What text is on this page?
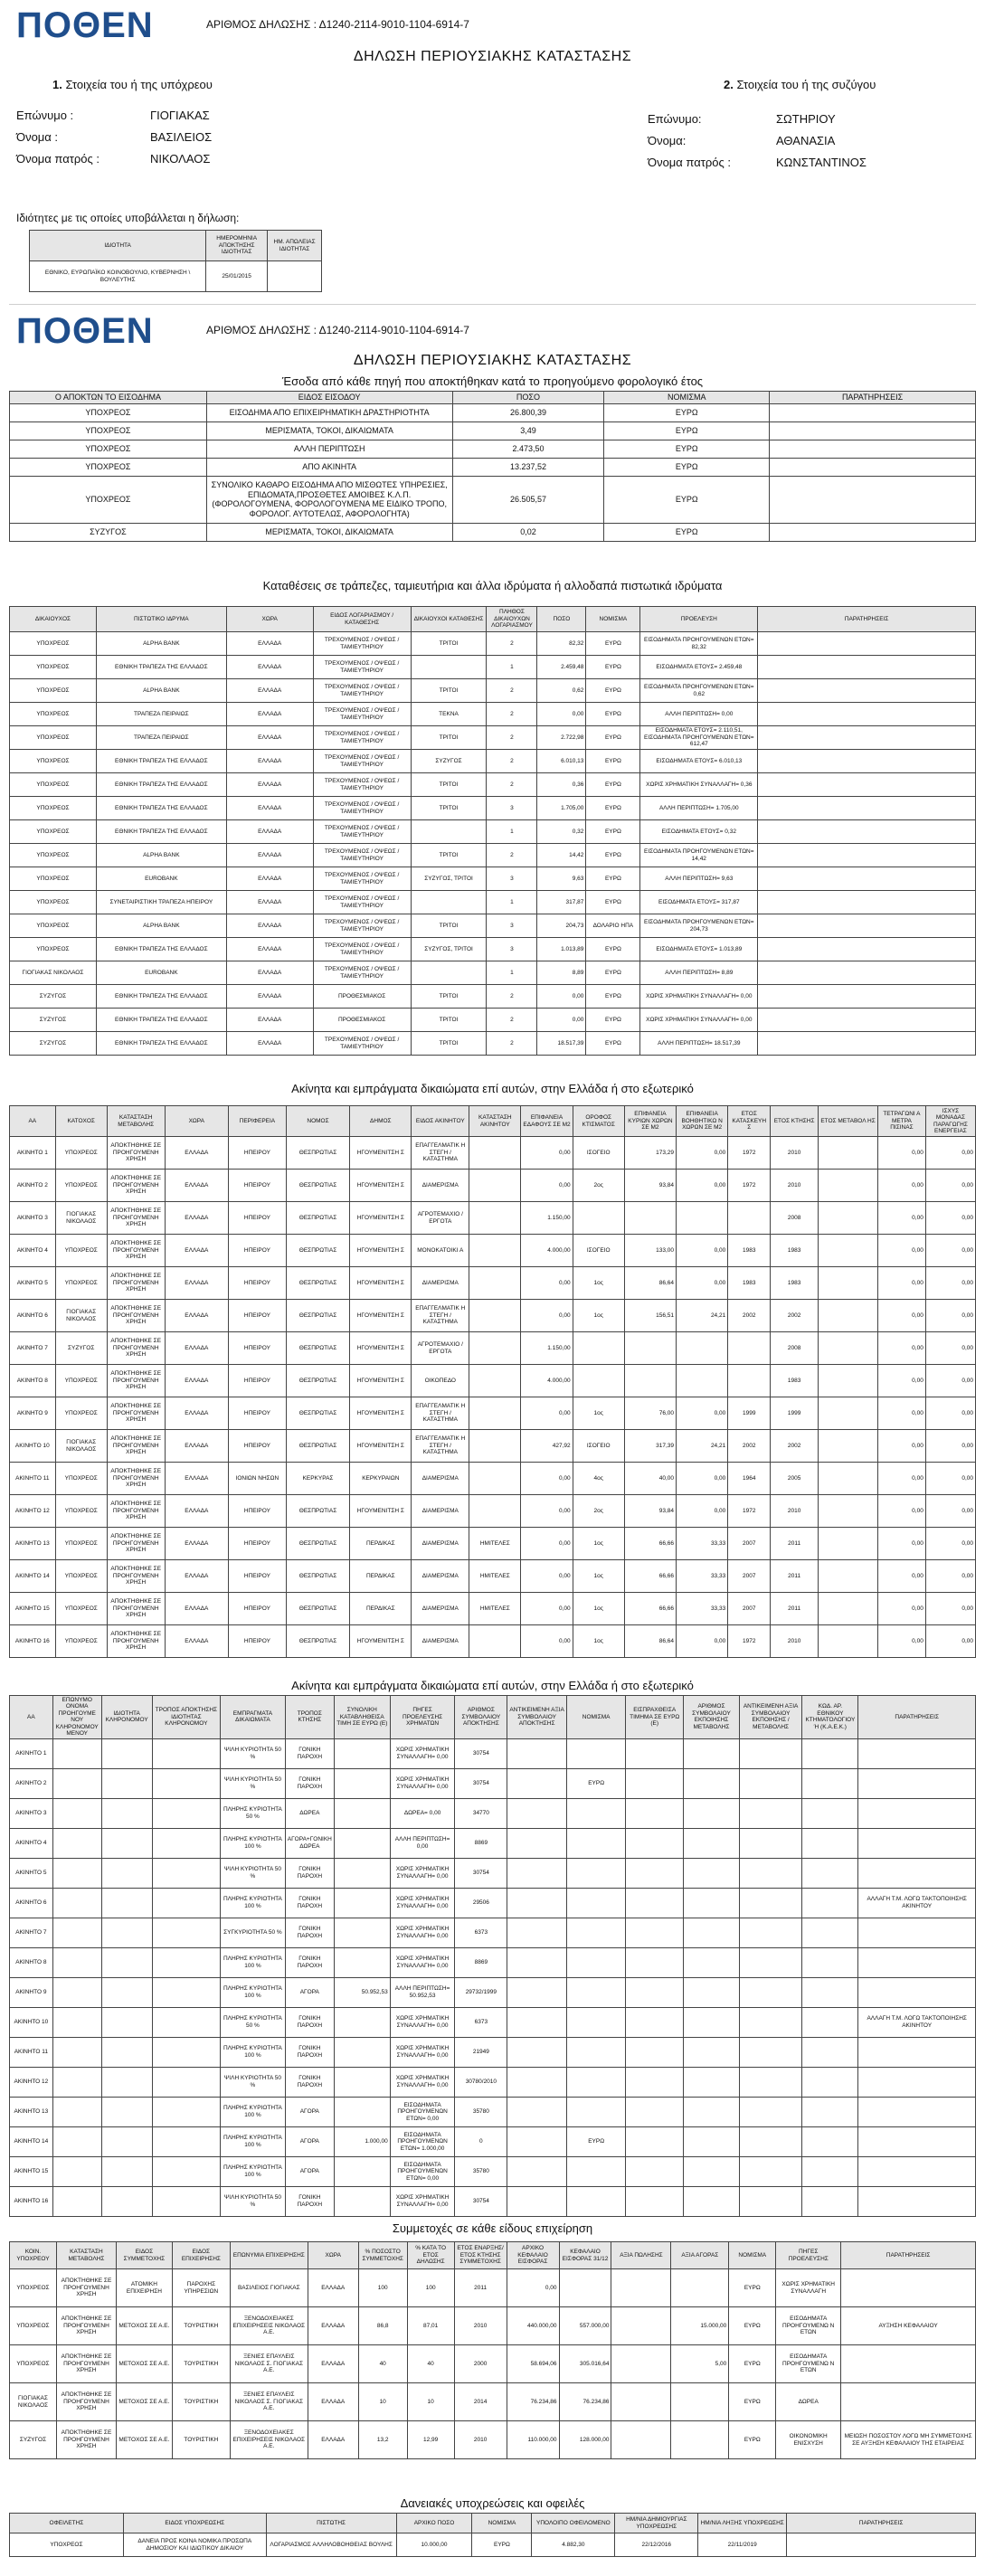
ΠΟΘΕΝ	ΑΡΙΘΜΟΣ ΔΗΛΩΣΗΣ : Δ1240-2114-9010-1104-6914-7
ΔΗΛΩΣΗ ΠΕΡΙΟΥΣΙΑΚΗΣ ΚΑΤΑΣΤΑΣΗΣ
1. Στοιχεία του ή της υπόχρεου	2. Στοιχεία του ή της συζύγου
Επώνυμο :	ΓΙΟΓΙΑΚΑΣ
Όνομα :	ΒΑΣΙΛΕΙΟΣ
Όνομα πατρός :	ΝΙΚΟΛΑΟΣ
Επώνυμο:	ΣΩΤΗΡΙΟΥ
Όνομα:	ΑΘΑΝΑΣΙΑ
Όνομα πατρός :	ΚΩΝΣΤΑΝΤΙΝΟΣ
Ιδιότητες με τις οποίες υποβάλλεται η δήλωση:
ΙΔΙΟΤΗΤΑ	ΗΜΕΡΟΜΗΝΙΑ ΑΠΟΚΤΗΣΗΣ ΙΔΙΟΤΗΤΑΣ	ΗΜ. ΑΠΩΛΕΙΑΣ ΙΔΙΟΤΗΤΑΣ
ΕΘΝΙΚΟ, ΕΥΡΩΠΑΪΚΟ ΚΟΙΝΟΒΟΥΛΙΟ, ΚΥΒΕΡΝΗΣΗ \ ΒΟΥΛΕΥΤΗΣ	25/01/2015	
ΠΟΘΕΝ	ΑΡΙΘΜΟΣ ΔΗΛΩΣΗΣ : Δ1240-2114-9010-1104-6914-7
ΔΗΛΩΣΗ ΠΕΡΙΟΥΣΙΑΚΗΣ ΚΑΤΑΣΤΑΣΗΣ
Έσοδα από κάθε πηγή που αποκτήθηκαν κατά το προηγούμενο φορολογικό έτος
Ο ΑΠΟΚΤΩΝ ΤΟ ΕΙΣΟΔΗΜΑ	ΕΙΔΟΣ ΕΙΣΟΔΟΥ	ΠΟΣΟ	ΝΟΜΙΣΜΑ	ΠΑΡΑΤΗΡΗΣΕΙΣ
ΥΠΟΧΡΕΟΣ	ΕΙΣΟΔΗΜΑ ΑΠΟ ΕΠΙΧΕΙΡΗΜΑΤΙΚΗ ΔΡΑΣΤΗΡΙΟΤΗΤΑ	26.800,39	ΕΥΡΩ	
ΥΠΟΧΡΕΟΣ	ΜΕΡΙΣΜΑΤΑ, ΤΟΚΟΙ, ΔΙΚΑΙΩΜΑΤΑ	3,49	ΕΥΡΩ	
ΥΠΟΧΡΕΟΣ	ΑΛΛΗ ΠΕΡΙΠΤΩΣΗ	2.473,50	ΕΥΡΩ	
ΥΠΟΧΡΕΟΣ	ΑΠΟ ΑΚΙΝΗΤΑ	13.237,52	ΕΥΡΩ	
ΥΠΟΧΡΕΟΣ	ΣΥΝΟΛΙΚΟ ΚΑΘΑΡΟ ΕΙΣΟΔΗΜΑ ΑΠΟ ΜΙΣΘΩΤΕΣ ΥΠΗΡΕΣΙΕΣ, ΕΠΙΔΟΜΑΤΑ,ΠΡΟΣΘΕΤΕΣ ΑΜΟΙΒΕΣ Κ.Λ.Π.(ΦΟΡΟΛΟΓΟΥΜΕΝΑ, ΦΟΡΟΛΟΓΟΥΜΕΝΑ ΜΕ ΕΙΔΙΚΟ ΤΡΟΠΟ, ΦΟΡΟΛΟΓ. ΑΥΤΟΤΕΛΩΣ, ΑΦΟΡΟΛΟΓΗΤΑ)	26.505,57	ΕΥΡΩ	
ΣΥΖΥΓΟΣ	ΜΕΡΙΣΜΑΤΑ, ΤΟΚΟΙ, ΔΙΚΑΙΩΜΑΤΑ	0,02	ΕΥΡΩ	
Καταθέσεις σε τράπεζες, ταμιευτήρια και άλλα ιδρύματα ή αλλοδαπά πιστωτικά ιδρύματα
ΔΙΚΑΙΟΥΧΟΣ	ΠΙΣΤΩΤΙΚΟ ΙΔΡΥΜΑ	ΧΩΡΑ	ΕΙΔΟΣ ΛΟΓΑΡΙΑΣΜΟΥ / ΚΑΤΑΘΕΣΗΣ	ΔΙΚΑΙΟΥΧΟΙ ΚΑΤΑΘΕΣΗΣ	ΠΛΗΘΟΣ ΔΙΚΑΙΟΥΧΩΝ ΛΟΓΑΡΙΑΣΜΟΥ	ΠΟΣΟ	ΝΟΜΙΣΜΑ	ΠΡΟΕΛΕΥΣΗ	ΠΑΡΑΤΗΡΗΣΕΙΣ
ΥΠΟΧΡΕΟΣ	ALPHA BANK	ΕΛΛΑΔΑ	ΤΡΕΧΟΥΜΕΝΟΣ / ΟΨΕΩΣ / ΤΑΜΙΕΥΤΗΡΙΟΥ	ΤΡΙΤΟΙ	2	82,32	ΕΥΡΩ	ΕΙΣΟΔΗΜΑΤΑ ΠΡΟΗΓΟΥΜΕΝΩΝ ΕΤΩΝ= 82,32	
ΥΠΟΧΡΕΟΣ	ΕΘΝΙΚΗ ΤΡΑΠΕΖΑ ΤΗΣ ΕΛΛΑΔΟΣ	ΕΛΛΑΔΑ	ΤΡΕΧΟΥΜΕΝΟΣ / ΟΨΕΩΣ / ΤΑΜΙΕΥΤΗΡΙΟΥ		1	2.459,48	ΕΥΡΩ	ΕΙΣΟΔΗΜΑΤΑ ΕΤΟΥΣ= 2.459,48	
ΥΠΟΧΡΕΟΣ	ALPHA BANK	ΕΛΛΑΔΑ	ΤΡΕΧΟΥΜΕΝΟΣ / ΟΨΕΩΣ / ΤΑΜΙΕΥΤΗΡΙΟΥ	ΤΡΙΤΟΙ	2	0,62	ΕΥΡΩ	ΕΙΣΟΔΗΜΑΤΑ ΠΡΟΗΓΟΥΜΕΝΩΝ ΕΤΩΝ= 0,62	
ΥΠΟΧΡΕΟΣ	ΤΡΑΠΕΖΑ ΠΕΙΡΑΙΩΣ	ΕΛΛΑΔΑ	ΤΡΕΧΟΥΜΕΝΟΣ / ΟΨΕΩΣ / ΤΑΜΙΕΥΤΗΡΙΟΥ	ΤΕΚΝΑ	2	0,00	ΕΥΡΩ	ΑΛΛΗ ΠΕΡΙΠΤΩΣΗ= 0,00	
ΥΠΟΧΡΕΟΣ	ΤΡΑΠΕΖΑ ΠΕΙΡΑΙΩΣ	ΕΛΛΑΔΑ	ΤΡΕΧΟΥΜΕΝΟΣ / ΟΨΕΩΣ / ΤΑΜΙΕΥΤΗΡΙΟΥ	ΤΡΙΤΟΙ	2	2.722,98	ΕΥΡΩ	ΕΙΣΟΔΗΜΑΤΑ ΕΤΟΥΣ= 2.110,51, ΕΙΣΟΔΗΜΑΤΑ ΠΡΟΗΓΟΥΜΕΝΩΝ ΕΤΩΝ= 612,47	
ΥΠΟΧΡΕΟΣ	ΕΘΝΙΚΗ ΤΡΑΠΕΖΑ ΤΗΣ ΕΛΛΑΔΟΣ	ΕΛΛΑΔΑ	ΤΡΕΧΟΥΜΕΝΟΣ / ΟΨΕΩΣ / ΤΑΜΙΕΥΤΗΡΙΟΥ	ΣΥΖΥΓΟΣ	2	6.010,13	ΕΥΡΩ	ΕΙΣΟΔΗΜΑΤΑ ΕΤΟΥΣ= 6.010,13	
ΥΠΟΧΡΕΟΣ	ΕΘΝΙΚΗ ΤΡΑΠΕΖΑ ΤΗΣ ΕΛΛΑΔΟΣ	ΕΛΛΑΔΑ	ΤΡΕΧΟΥΜΕΝΟΣ / ΟΨΕΩΣ / ΤΑΜΙΕΥΤΗΡΙΟΥ	ΤΡΙΤΟΙ	2	0,36	ΕΥΡΩ	ΧΩΡΙΣ ΧΡΗΜΑΤΙΚΗ ΣΥΝΑΛΛΑΓΗ= 0,36	
ΥΠΟΧΡΕΟΣ	ΕΘΝΙΚΗ ΤΡΑΠΕΖΑ ΤΗΣ ΕΛΛΑΔΟΣ	ΕΛΛΑΔΑ	ΤΡΕΧΟΥΜΕΝΟΣ / ΟΨΕΩΣ / ΤΑΜΙΕΥΤΗΡΙΟΥ	ΤΡΙΤΟΙ	3	1.705,00	ΕΥΡΩ	ΑΛΛΗ ΠΕΡΙΠΤΩΣΗ= 1.705,00	
ΥΠΟΧΡΕΟΣ	ΕΘΝΙΚΗ ΤΡΑΠΕΖΑ ΤΗΣ ΕΛΛΑΔΟΣ	ΕΛΛΑΔΑ	ΤΡΕΧΟΥΜΕΝΟΣ / ΟΨΕΩΣ / ΤΑΜΙΕΥΤΗΡΙΟΥ		1	0,32	ΕΥΡΩ	ΕΙΣΟΔΗΜΑΤΑ ΕΤΟΥΣ= 0,32	
ΥΠΟΧΡΕΟΣ	ALPHA BANK	ΕΛΛΑΔΑ	ΤΡΕΧΟΥΜΕΝΟΣ / ΟΨΕΩΣ / ΤΑΜΙΕΥΤΗΡΙΟΥ	ΤΡΙΤΟΙ	2	14,42	ΕΥΡΩ	ΕΙΣΟΔΗΜΑΤΑ ΠΡΟΗΓΟΥΜΕΝΩΝ ΕΤΩΝ= 14,42	
ΥΠΟΧΡΕΟΣ	EUROBANK	ΕΛΛΑΔΑ	ΤΡΕΧΟΥΜΕΝΟΣ / ΟΨΕΩΣ / ΤΑΜΙΕΥΤΗΡΙΟΥ	ΣΥΖΥΓΟΣ, ΤΡΙΤΟΙ	3	9,63	ΕΥΡΩ	ΑΛΛΗ ΠΕΡΙΠΤΩΣΗ= 9,63	
ΥΠΟΧΡΕΟΣ	ΣΥΝΕΤΑΙΡΙΣΤΙΚΗ ΤΡΑΠΕΖΑ ΗΠΕΙΡΟΥ	ΕΛΛΑΔΑ	ΤΡΕΧΟΥΜΕΝΟΣ / ΟΨΕΩΣ / ΤΑΜΙΕΥΤΗΡΙΟΥ		1	317,87	ΕΥΡΩ	ΕΙΣΟΔΗΜΑΤΑ ΕΤΟΥΣ= 317,87	
ΥΠΟΧΡΕΟΣ	ALPHA BANK	ΕΛΛΑΔΑ	ΤΡΕΧΟΥΜΕΝΟΣ / ΟΨΕΩΣ / ΤΑΜΙΕΥΤΗΡΙΟΥ	ΤΡΙΤΟΙ	3	204,73	ΔΟΛΑΡΙΟ ΗΠΑ	ΕΙΣΟΔΗΜΑΤΑ ΠΡΟΗΓΟΥΜΕΝΩΝ ΕΤΩΝ= 204,73	
ΥΠΟΧΡΕΟΣ	ΕΘΝΙΚΗ ΤΡΑΠΕΖΑ ΤΗΣ ΕΛΛΑΔΟΣ	ΕΛΛΑΔΑ	ΤΡΕΧΟΥΜΕΝΟΣ / ΟΨΕΩΣ / ΤΑΜΙΕΥΤΗΡΙΟΥ	ΣΥΖΥΓΟΣ, ΤΡΙΤΟΙ	3	1.013,89	ΕΥΡΩ	ΕΙΣΟΔΗΜΑΤΑ ΕΤΟΥΣ= 1.013,89	
ΓΙΟΓΙΑΚΑΣ ΝΙΚΟΛΑΟΣ	EUROBANK	ΕΛΛΑΔΑ	ΤΡΕΧΟΥΜΕΝΟΣ / ΟΨΕΩΣ / ΤΑΜΙΕΥΤΗΡΙΟΥ		1	8,89	ΕΥΡΩ	ΑΛΛΗ ΠΕΡΙΠΤΩΣΗ= 8,89	
ΣΥΖΥΓΟΣ	ΕΘΝΙΚΗ ΤΡΑΠΕΖΑ ΤΗΣ ΕΛΛΑΔΟΣ	ΕΛΛΑΔΑ	ΠΡΟΘΕΣΜΙΑΚΟΣ	ΤΡΙΤΟΙ	2	0,00	ΕΥΡΩ	ΧΩΡΙΣ ΧΡΗΜΑΤΙΚΗ ΣΥΝΑΛΛΑΓΗ= 0,00	
ΣΥΖΥΓΟΣ	ΕΘΝΙΚΗ ΤΡΑΠΕΖΑ ΤΗΣ ΕΛΛΑΔΟΣ	ΕΛΛΑΔΑ	ΠΡΟΘΕΣΜΙΑΚΟΣ	ΤΡΙΤΟΙ	2	0,00	ΕΥΡΩ	ΧΩΡΙΣ ΧΡΗΜΑΤΙΚΗ ΣΥΝΑΛΛΑΓΗ= 0,00	
ΣΥΖΥΓΟΣ	ΕΘΝΙΚΗ ΤΡΑΠΕΖΑ ΤΗΣ ΕΛΛΑΔΟΣ	ΕΛΛΑΔΑ	ΤΡΕΧΟΥΜΕΝΟΣ / ΟΨΕΩΣ / ΤΑΜΙΕΥΤΗΡΙΟΥ	ΤΡΙΤΟΙ	2	18.517,39	ΕΥΡΩ	ΑΛΛΗ ΠΕΡΙΠΤΩΣΗ= 18.517,39	
Ακίνητα και εμπράγματα δικαιώματα επί αυτών, στην Ελλάδα ή στο εξωτερικό
ΑΑ	ΚΑΤΟΧΟΣ	ΚΑΤΑΣΤΑΣΗ ΜΕΤΑΒΟΛΗΣ	ΧΩΡΑ	ΠΕΡΙΦΕΡΕΙΑ	ΝΟΜΟΣ	ΔΗΜΟΣ	ΕΙΔΟΣ ΑΚΙΝΗΤΟΥ	ΚΑΤΑΣΤΑΣΗ ΑΚΙΝΗΤΟΥ	ΕΠΙΦΑΝΕΙΑ ΕΔΑΦΟΥΣ ΣΕ Μ2	ΟΡΟΦΟΣ ΚΤΙΣΜΑΤΟΣ	ΕΠΙΦΑΝΕΙΑ ΚΥΡΙΩΝ ΧΩΡΩΝ ΣΕ Μ2	ΕΠΙΦΑΝΕΙΑ ΒΟΗΘΗΤΙΚΩ Ν ΧΩΡΩΝ ΣΕ Μ2	ΕΤΟΣ ΚΑΤΑΣΚΕΥΗ Σ	ΕΤΟΣ ΚΤΗΣΗΣ	ΕΤΟΣ ΜΕΤΑΒΟΛ ΗΣ	ΤΕΤΡΑΓΩΝΙ Α ΜΕΤΡΑ ΠΙΣΙΝΑΣ	ΙΣΧΥΣ ΜΟΝΑΔΑΣ ΠΑΡΑΓΩΓΗΣ ΕΝΕΡΓΕΙΑΣ
ΑΚΙΝΗΤΟ 1	ΥΠΟΧΡΕΟΣ	ΑΠΟΚΤΗΘΗΚΕ ΣΕ ΠΡΟΗΓΟΥΜΕΝΗ ΧΡΗΣΗ	ΕΛΛΑΔΑ	ΗΠΕΙΡΟΥ	ΘΕΣΠΡΩΤΙΑΣ	ΗΓΟΥΜΕΝΙΤΣΗ Σ	ΕΠΑΓΓΕΛΜΑΤΙΚ Η ΣΤΕΓΗ / ΚΑΤΑΣΤΗΜΑ		0,00	ΙΣΟΓΕΙΟ	173,29	0,00	1972	2010		0,00	0,00
ΑΚΙΝΗΤΟ 2	ΥΠΟΧΡΕΟΣ	ΑΠΟΚΤΗΘΗΚΕ ΣΕ ΠΡΟΗΓΟΥΜΕΝΗ ΧΡΗΣΗ	ΕΛΛΑΔΑ	ΗΠΕΙΡΟΥ	ΘΕΣΠΡΩΤΙΑΣ	ΗΓΟΥΜΕΝΙΤΣΗ Σ	ΔΙΑΜΕΡΙΣΜΑ		0,00	2ος	93,84	0,00	1972	2010		0,00	0,00
ΑΚΙΝΗΤΟ 3	ΓΙΟΓΙΑΚΑΣ ΝΙΚΟΛΑΟΣ	ΑΠΟΚΤΗΘΗΚΕ ΣΕ ΠΡΟΗΓΟΥΜΕΝΗ ΧΡΗΣΗ	ΕΛΛΑΔΑ	ΗΠΕΙΡΟΥ	ΘΕΣΠΡΩΤΙΑΣ	ΗΓΟΥΜΕΝΙΤΣΗ Σ	ΑΓΡΟΤΕΜΑΧΙΟ / ΕΡΓΟΤΑ		1.150,00					2008		0,00	0,00
ΑΚΙΝΗΤΟ 4	ΥΠΟΧΡΕΟΣ	ΑΠΟΚΤΗΘΗΚΕ ΣΕ ΠΡΟΗΓΟΥΜΕΝΗ ΧΡΗΣΗ	ΕΛΛΑΔΑ	ΗΠΕΙΡΟΥ	ΘΕΣΠΡΩΤΙΑΣ	ΗΓΟΥΜΕΝΙΤΣΗ Σ	ΜΟΝΟΚΑΤΟΙΚΙ Α		4.000,00	ΙΣΟΓΕΙΟ	133,00	0,00	1983	1983		0,00	0,00
ΑΚΙΝΗΤΟ 5	ΥΠΟΧΡΕΟΣ	ΑΠΟΚΤΗΘΗΚΕ ΣΕ ΠΡΟΗΓΟΥΜΕΝΗ ΧΡΗΣΗ	ΕΛΛΑΔΑ	ΗΠΕΙΡΟΥ	ΘΕΣΠΡΩΤΙΑΣ	ΗΓΟΥΜΕΝΙΤΣΗ Σ	ΔΙΑΜΕΡΙΣΜΑ		0,00	1ος	86,64	0,00	1983	1983		0,00	0,00
ΑΚΙΝΗΤΟ 6	ΓΙΟΓΙΑΚΑΣ ΝΙΚΟΛΑΟΣ	ΑΠΟΚΤΗΘΗΚΕ ΣΕ ΠΡΟΗΓΟΥΜΕΝΗ ΧΡΗΣΗ	ΕΛΛΑΔΑ	ΗΠΕΙΡΟΥ	ΘΕΣΠΡΩΤΙΑΣ	ΗΓΟΥΜΕΝΙΤΣΗ Σ	ΕΠΑΓΓΕΛΜΑΤΙΚ Η ΣΤΕΓΗ / ΚΑΤΑΣΤΗΜΑ		0,00	1ος	156,51	24,21	2002	2002		0,00	0,00
ΑΚΙΝΗΤΟ 7	ΣΥΖΥΓΟΣ	ΑΠΟΚΤΗΘΗΚΕ ΣΕ ΠΡΟΗΓΟΥΜΕΝΗ ΧΡΗΣΗ	ΕΛΛΑΔΑ	ΗΠΕΙΡΟΥ	ΘΕΣΠΡΩΤΙΑΣ	ΗΓΟΥΜΕΝΙΤΣΗ Σ	ΑΓΡΟΤΕΜΑΧΙΟ / ΕΡΓΟΤΑ		1.150,00					2008		0,00	0,00
ΑΚΙΝΗΤΟ 8	ΥΠΟΧΡΕΟΣ	ΑΠΟΚΤΗΘΗΚΕ ΣΕ ΠΡΟΗΓΟΥΜΕΝΗ ΧΡΗΣΗ	ΕΛΛΑΔΑ	ΗΠΕΙΡΟΥ	ΘΕΣΠΡΩΤΙΑΣ	ΗΓΟΥΜΕΝΙΤΣΗ Σ	ΟΙΚΟΠΕΔΟ		4.000,00					1983		0,00	0,00
ΑΚΙΝΗΤΟ 9	ΥΠΟΧΡΕΟΣ	ΑΠΟΚΤΗΘΗΚΕ ΣΕ ΠΡΟΗΓΟΥΜΕΝΗ ΧΡΗΣΗ	ΕΛΛΑΔΑ	ΗΠΕΙΡΟΥ	ΘΕΣΠΡΩΤΙΑΣ	ΗΓΟΥΜΕΝΙΤΣΗ Σ	ΕΠΑΓΓΕΛΜΑΤΙΚ Η ΣΤΕΓΗ / ΚΑΤΑΣΤΗΜΑ		0,00	1ος	76,00	0,00	1999	1999		0,00	0,00
ΑΚΙΝΗΤΟ 10	ΓΙΟΓΙΑΚΑΣ ΝΙΚΟΛΑΟΣ	ΑΠΟΚΤΗΘΗΚΕ ΣΕ ΠΡΟΗΓΟΥΜΕΝΗ ΧΡΗΣΗ	ΕΛΛΑΔΑ	ΗΠΕΙΡΟΥ	ΘΕΣΠΡΩΤΙΑΣ	ΗΓΟΥΜΕΝΙΤΣΗ Σ	ΕΠΑΓΓΕΛΜΑΤΙΚ Η ΣΤΕΓΗ / ΚΑΤΑΣΤΗΜΑ		427,92	ΙΣΟΓΕΙΟ	317,39	24,21	2002	2002		0,00	0,00
ΑΚΙΝΗΤΟ 11	ΥΠΟΧΡΕΟΣ	ΑΠΟΚΤΗΘΗΚΕ ΣΕ ΠΡΟΗΓΟΥΜΕΝΗ ΧΡΗΣΗ	ΕΛΛΑΔΑ	ΙΟΝΙΩΝ ΝΗΣΩΝ	ΚΕΡΚΥΡΑΣ	ΚΕΡΚΥΡΑΙΩΝ	ΔΙΑΜΕΡΙΣΜΑ		0,00	4ος	40,00	0,00	1964	2005		0,00	0,00
ΑΚΙΝΗΤΟ 12	ΥΠΟΧΡΕΟΣ	ΑΠΟΚΤΗΘΗΚΕ ΣΕ ΠΡΟΗΓΟΥΜΕΝΗ ΧΡΗΣΗ	ΕΛΛΑΔΑ	ΗΠΕΙΡΟΥ	ΘΕΣΠΡΩΤΙΑΣ	ΗΓΟΥΜΕΝΙΤΣΗ Σ	ΔΙΑΜΕΡΙΣΜΑ		0,00	2ος	93,84	0,00	1972	2010		0,00	0,00
ΑΚΙΝΗΤΟ 13	ΥΠΟΧΡΕΟΣ	ΑΠΟΚΤΗΘΗΚΕ ΣΕ ΠΡΟΗΓΟΥΜΕΝΗ ΧΡΗΣΗ	ΕΛΛΑΔΑ	ΗΠΕΙΡΟΥ	ΘΕΣΠΡΩΤΙΑΣ	ΠΕΡΔΙΚΑΣ	ΔΙΑΜΕΡΙΣΜΑ	ΗΜΙΤΕΛΕΣ	0,00	1ος	66,66	33,33	2007	2011		0,00	0,00
ΑΚΙΝΗΤΟ 14	ΥΠΟΧΡΕΟΣ	ΑΠΟΚΤΗΘΗΚΕ ΣΕ ΠΡΟΗΓΟΥΜΕΝΗ ΧΡΗΣΗ	ΕΛΛΑΔΑ	ΗΠΕΙΡΟΥ	ΘΕΣΠΡΩΤΙΑΣ	ΠΕΡΔΙΚΑΣ	ΔΙΑΜΕΡΙΣΜΑ	ΗΜΙΤΕΛΕΣ	0,00	1ος	66,66	33,33	2007	2011		0,00	0,00
ΑΚΙΝΗΤΟ 15	ΥΠΟΧΡΕΟΣ	ΑΠΟΚΤΗΘΗΚΕ ΣΕ ΠΡΟΗΓΟΥΜΕΝΗ ΧΡΗΣΗ	ΕΛΛΑΔΑ	ΗΠΕΙΡΟΥ	ΘΕΣΠΡΩΤΙΑΣ	ΠΕΡΔΙΚΑΣ	ΔΙΑΜΕΡΙΣΜΑ	ΗΜΙΤΕΛΕΣ	0,00	1ος	66,66	33,33	2007	2011		0,00	0,00
ΑΚΙΝΗΤΟ 16	ΥΠΟΧΡΕΟΣ	ΑΠΟΚΤΗΘΗΚΕ ΣΕ ΠΡΟΗΓΟΥΜΕΝΗ ΧΡΗΣΗ	ΕΛΛΑΔΑ	ΗΠΕΙΡΟΥ	ΘΕΣΠΡΩΤΙΑΣ	ΗΓΟΥΜΕΝΙΤΣΗ Σ	ΔΙΑΜΕΡΙΣΜΑ		0,00	1ος	86,64	0,00	1972	2010		0,00	0,00
Ακίνητα και εμπράγματα δικαιώματα επί αυτών, στην Ελλάδα ή στο εξωτερικό
ΑΑ	ΕΠΩΝΥΜΟ ΟΝΟΜΑ ΠΡΟΗΓΟΥΜΕ ΝΟΥ ΚΛΗΡΟΝΟΜΟΥ ΜΕΝΟΥ	ΙΔΙΟΤΗΤΑ ΚΛΗΡΟΝΟΜΟΥ	ΤΡΟΠΟΣ ΑΠΟΚΤΗΣΗΣ ΙΔΙΟΤΗΤΑΣ ΚΛΗΡΟΝΟΜΟΥ	ΕΜΠΡΑΓΜΑΤΑ ΔΙΚΑΙΩΜΑΤΑ	ΤΡΟΠΟΣ ΚΤΗΣΗΣ	ΣΥΝΟΛΙΚΗ ΚΑΤΑΒΛΗΘΕΙΣΑ ΤΙΜΗ ΣΕ ΕΥΡΩ (Ε)	ΠΗΓΕΣ ΠΡΟΕΛΕΥΣΗΣ ΧΡΗΜΑΤΩΝ	ΑΡΙΘΜΟΣ ΣΥΜΒΟΛΑΙΟΥ ΑΠΟΚΤΗΣΗΣ	ΑΝΤΙΚΕΙΜΕΝΗ ΑΞΙΑ ΣΥΜΒΟΛΑΙΟΥ ΑΠΟΚΤΗΣΗΣ	ΝΟΜΙΣΜΑ	ΕΙΣΠΡΑΧΘΕΙΣΑ ΤΙΜΗΜΑ ΣΕ ΕΥΡΩ (Ε)	ΑΡΙΘΜΟΣ ΣΥΜΒΟΛΑΙΟΥ ΕΚΠΟΙΗΣΗΣ ΜΕΤΑΒΟΛΗΣ	ΑΝΤΙΚΕΙΜΕΝΗ ΑΞΙΑ ΣΥΜΒΟΛΑΙΟΥ ΕΚΠΟΙΗΣΗΣ / ΜΕΤΑΒΟΛΗΣ	ΚΩΔ. ΑΡ. ΕΘΝΙΚΟΥ ΚΤΗΜΑΤΟΛΟΓΙΟΥ Ή (Κ.Α.Ε.Κ.)	ΠΑΡΑΤΗΡΗΣΕΙΣ
ΑΚΙΝΗΤΟ 1				ΨΙΛΗ ΚΥΡΙΟΤΗΤΑ 50 %	ΓΟΝΙΚΗ ΠΑΡΟΧΗ		ΧΩΡΙΣ ΧΡΗΜΑΤΙΚΗ ΣΥΝΑΛΛΑΓΗ= 0,00	30754							
ΑΚΙΝΗΤΟ 2				ΨΙΛΗ ΚΥΡΙΟΤΗΤΑ 50 %	ΓΟΝΙΚΗ ΠΑΡΟΧΗ		ΧΩΡΙΣ ΧΡΗΜΑΤΙΚΗ ΣΥΝΑΛΛΑΓΗ= 0,00	30754		ΕΥΡΩ					
ΑΚΙΝΗΤΟ 3				ΠΛΗΡΗΣ ΚΥΡΙΟΤΗΤΑ 50 %	ΔΩΡΕΑ		ΔΩΡΕΑ= 0,00	34770							
ΑΚΙΝΗΤΟ 4				ΠΛΗΡΗΣ ΚΥΡΙΟΤΗΤΑ 100 %	ΑΓΟΡΑ+ΓΟΝΙΚΗ ΔΩΡΕΑ		ΑΛΛΗ ΠΕΡΙΠΤΩΣΗ= 0,00	8869							
ΑΚΙΝΗΤΟ 5				ΨΙΛΗ ΚΥΡΙΟΤΗΤΑ 50 %	ΓΟΝΙΚΗ ΠΑΡΟΧΗ		ΧΩΡΙΣ ΧΡΗΜΑΤΙΚΗ ΣΥΝΑΛΛΑΓΗ= 0,00	30754							
ΑΚΙΝΗΤΟ 6				ΠΛΗΡΗΣ ΚΥΡΙΟΤΗΤΑ 100 %	ΓΟΝΙΚΗ ΠΑΡΟΧΗ		ΧΩΡΙΣ ΧΡΗΜΑΤΙΚΗ ΣΥΝΑΛΛΑΓΗ= 0,00	29506							ΑΛΛΑΓΗ Τ.Μ. ΛΟΓΩ ΤΑΚΤΟΠΟΙΗΣΗΣ ΑΚΙΝΗΤΟΥ
ΑΚΙΝΗΤΟ 7				ΣΥΓΚΥΡΙΟΤΗΤΑ 50 %	ΓΟΝΙΚΗ ΠΑΡΟΧΗ		ΧΩΡΙΣ ΧΡΗΜΑΤΙΚΗ ΣΥΝΑΛΛΑΓΗ= 0,00	6373							
ΑΚΙΝΗΤΟ 8				ΠΛΗΡΗΣ ΚΥΡΙΟΤΗΤΑ 100 %	ΓΟΝΙΚΗ ΠΑΡΟΧΗ		ΧΩΡΙΣ ΧΡΗΜΑΤΙΚΗ ΣΥΝΑΛΛΑΓΗ= 0,00	8869							
ΑΚΙΝΗΤΟ 9				ΠΛΗΡΗΣ ΚΥΡΙΟΤΗΤΑ 100 %	ΑΓΟΡΑ	50.952,53	ΑΛΛΗ ΠΕΡΙΠΤΩΣΗ= 50.952,53	29732/1999							
ΑΚΙΝΗΤΟ 10				ΠΛΗΡΗΣ ΚΥΡΙΟΤΗΤΑ 50 %	ΓΟΝΙΚΗ ΠΑΡΟΧΗ		ΧΩΡΙΣ ΧΡΗΜΑΤΙΚΗ ΣΥΝΑΛΛΑΓΗ= 0,00	6373							ΑΛΛΑΓΗ Τ.Μ. ΛΟΓΩ ΤΑΚΤΟΠΟΙΗΣΗΣ ΑΚΙΝΗΤΟΥ
ΑΚΙΝΗΤΟ 11				ΠΛΗΡΗΣ ΚΥΡΙΟΤΗΤΑ 100 %	ΓΟΝΙΚΗ ΠΑΡΟΧΗ		ΧΩΡΙΣ ΧΡΗΜΑΤΙΚΗ ΣΥΝΑΛΛΑΓΗ= 0,00	21949							
ΑΚΙΝΗΤΟ 12				ΨΙΛΗ ΚΥΡΙΟΤΗΤΑ 50 %	ΓΟΝΙΚΗ ΠΑΡΟΧΗ		ΧΩΡΙΣ ΧΡΗΜΑΤΙΚΗ ΣΥΝΑΛΛΑΓΗ= 0,00	30780/2010							
ΑΚΙΝΗΤΟ 13				ΠΛΗΡΗΣ ΚΥΡΙΟΤΗΤΑ 100 %	ΑΓΟΡΑ		ΕΙΣΟΔΗΜΑΤΑ ΠΡΟΗΓΟΥΜΕΝΩΝ ΕΤΩΝ= 0,00	35780							
ΑΚΙΝΗΤΟ 14				ΠΛΗΡΗΣ ΚΥΡΙΟΤΗΤΑ 100 %	ΑΓΟΡΑ	1.000,00	ΕΙΣΟΔΗΜΑΤΑ ΠΡΟΗΓΟΥΜΕΝΩΝ ΕΤΩΝ= 1.000,00	0		ΕΥΡΩ					
ΑΚΙΝΗΤΟ 15				ΠΛΗΡΗΣ ΚΥΡΙΟΤΗΤΑ 100 %	ΑΓΟΡΑ		ΕΙΣΟΔΗΜΑΤΑ ΠΡΟΗΓΟΥΜΕΝΩΝ ΕΤΩΝ= 0,00	35780							
ΑΚΙΝΗΤΟ 16				ΨΙΛΗ ΚΥΡΙΟΤΗΤΑ 50 %	ΓΟΝΙΚΗ ΠΑΡΟΧΗ		ΧΩΡΙΣ ΧΡΗΜΑΤΙΚΗ ΣΥΝΑΛΛΑΓΗ= 0,00	30754							
Συμμετοχές σε κάθε είδους επιχείρηση
ΚΟΙΝ. ΥΠΟΧΡΕΟΥ	ΚΑΤΑΣΤΑΣΗ ΜΕΤΑΒΟΛΗΣ	ΕΙΔΟΣ ΣΥΜΜΕΤΟΧΗΣ	ΕΙΔΟΣ ΕΠΙΧΕΙΡΗΣΗΣ	ΕΠΩΝΥΜΙΑ ΕΠΙΧΕΙΡΗΣΗΣ	ΧΩΡΑ	% ΠΟΣΟΣΤΟ ΣΥΜΜΕΤΟΧΗΣ	% ΚΑΤΑ ΤΟ ΕΤΟΣ ΔΗΛΩΣΗΣ	ΕΤΟΣ ΕΝΑΡΞΗΣ/ΕΤΟΣ ΚΤΗΣΗΣ ΣΥΜΜΕΤΟΧΗΣ	ΑΡΧΙΚΟ ΚΕΦΑΛΑΙΟ ΕΙΣΦΟΡΑΣ	ΚΕΦΑΛΑΙΟ ΕΙΣΦΟΡΑΣ 31/12	ΑΞΙΑ ΠΩΛΗΣΗΣ	ΑΞΙΑ ΑΓΟΡΑΣ	ΝΟΜΙΣΜΑ	ΠΗΓΕΣ ΠΡΟΕΛΕΥΣΗΣ	ΠΑΡΑΤΗΡΗΣΕΙΣ
ΥΠΟΧΡΕΟΣ	ΑΠΟΚΤΗΘΗΚΕ ΣΕ ΠΡΟΗΓΟΥΜΕΝΗ ΧΡΗΣΗ	ΑΤΟΜΙΚΗ ΕΠΙΧΕΙΡΗΣΗ	ΠΑΡΟΧΗΣ ΥΠΗΡΕΣΙΩΝ	ΒΑΣΙΛΕΙΟΣ ΓΙΟΓΙΑΚΑΣ	ΕΛΛΑΔΑ	100	100	2011	0,00				ΕΥΡΩ	ΧΩΡΙΣ ΧΡΗΜΑΤΙΚΗ ΣΥΝΑΛΛΑΓΗ	
ΥΠΟΧΡΕΟΣ	ΑΠΟΚΤΗΘΗΚΕ ΣΕ ΠΡΟΗΓΟΥΜΕΝΗ ΧΡΗΣΗ	ΜΕΤΟΧΟΣ ΣΕ Α.Ε.	ΤΟΥΡΙΣΤΙΚΗ	ΞΕΝΟΔΟΧΕΙΑΚΕΣ ΕΠΙΧΕΙΡΗΣΕΙΣ ΝΙΚΟΛΑΟΣ Α.Ε.	ΕΛΛΑΔΑ	86,8	87,01	2010	440.000,00	557.000,00		15.000,00	ΕΥΡΩ	ΕΙΣΟΔΗΜΑΤΑ ΠΡΟΗΓΟΥΜΕΝΩ Ν ΕΤΩΝ	ΑΥΞΗΣΗ ΚΕΦΑΛΑΙΟΥ
ΥΠΟΧΡΕΟΣ	ΑΠΟΚΤΗΘΗΚΕ ΣΕ ΠΡΟΗΓΟΥΜΕΝΗ ΧΡΗΣΗ	ΜΕΤΟΧΟΣ ΣΕ Α.Ε.	ΤΟΥΡΙΣΤΙΚΗ	ΞΕΝΙΕΣ ΕΠΑΥΛΕΙΣ ΝΙΚΟΛΑΟΣ Σ. ΓΙΟΓΙΑΚΑΣ Α.Ε.	ΕΛΛΑΔΑ	40	40	2000	58.694,06	305.016,64		5,00	ΕΥΡΩ	ΕΙΣΟΔΗΜΑΤΑ ΠΡΟΗΓΟΥΜΕΝΩ Ν ΕΤΩΝ	
ΓΙΟΓΙΑΚΑΣ ΝΙΚΟΛΑΟΣ	ΑΠΟΚΤΗΘΗΚΕ ΣΕ ΠΡΟΗΓΟΥΜΕΝΗ ΧΡΗΣΗ	ΜΕΤΟΧΟΣ ΣΕ Α.Ε.	ΤΟΥΡΙΣΤΙΚΗ	ΞΕΝΙΕΣ ΕΠΑΥΛΕΙΣ ΝΙΚΟΛΑΟΣ Σ. ΓΙΟΓΙΑΚΑΣ Α.Ε.	ΕΛΛΑΔΑ	10	10	2014	76.234,86	76.234,86			ΕΥΡΩ	ΔΩΡΕΑ	
ΣΥΖΥΓΟΣ	ΑΠΟΚΤΗΘΗΚΕ ΣΕ ΠΡΟΗΓΟΥΜΕΝΗ ΧΡΗΣΗ	ΜΕΤΟΧΟΣ ΣΕ Α.Ε.	ΤΟΥΡΙΣΤΙΚΗ	ΞΕΝΟΔΟΧΕΙΑΚΕΣ ΕΠΙΧΕΙΡΗΣΕΙΣ ΝΙΚΟΛΑΟΣ Α.Ε.	ΕΛΛΑΔΑ	13,2	12,99	2010	110.000,00	128.000,00			ΕΥΡΩ	ΟΙΚΟΝΟΜΙΚΗ ΕΝΙΣΧΥΣΗ	ΜΕΙΩΣΗ ΠΟΣΟΣΤΟΥ ΛΟΓΩ ΜΗ ΣΥΜΜΕΤΟΧΗΣ ΣΕ ΑΥΞΗΣΗ ΚΕΦΑΛΑΙΟΥ ΤΗΣ ΕΤΑΙΡΕΙΑΣ
Δανειακές υποχρεώσεις και οφειλές
ΟΦΕΙΛΕΤΗΣ	ΕΙΔΟΣ ΥΠΟΧΡΕΩΣΗΣ	ΠΙΣΤΩΤΗΣ	ΑΡΧΙΚΟ ΠΟΣΟ	ΝΟΜΙΣΜΑ	ΥΠΟΛΟΙΠΟ ΟΦΕΙΛΟΜΕΝΟ	ΗΜ/ΝΙΑ ΔΗΜΙΟΥΡΓΙΑΣ ΥΠΟΧΡΕΩΣΗΣ	ΗΜ/ΝΙΑ ΛΗΞΗΣ ΥΠΟΧΡΕΩΣΗΣ	ΠΑΡΑΤΗΡΗΣΕΙΣ
ΥΠΟΧΡΕΟΣ	ΔΑΝΕΙΑ ΠΡΟΣ ΚΟΙΝΑ ΝΟΜΙΚΑ ΠΡΟΣΩΠΑ ΔΗΜΟΣΙΟΥ ΚΑΙ ΙΔΙΩΤΙΚΟΥ ΔΙΚΑΙΟΥ	ΛΟΓΑΡΙΑΣΜΟΣ ΑΛΛΗΛΟΒΟΗΘΕΙΑΣ ΒΟΥΛΗΣ	10.000,00	ΕΥΡΩ	4.882,30	22/12/2016	22/11/2019	
